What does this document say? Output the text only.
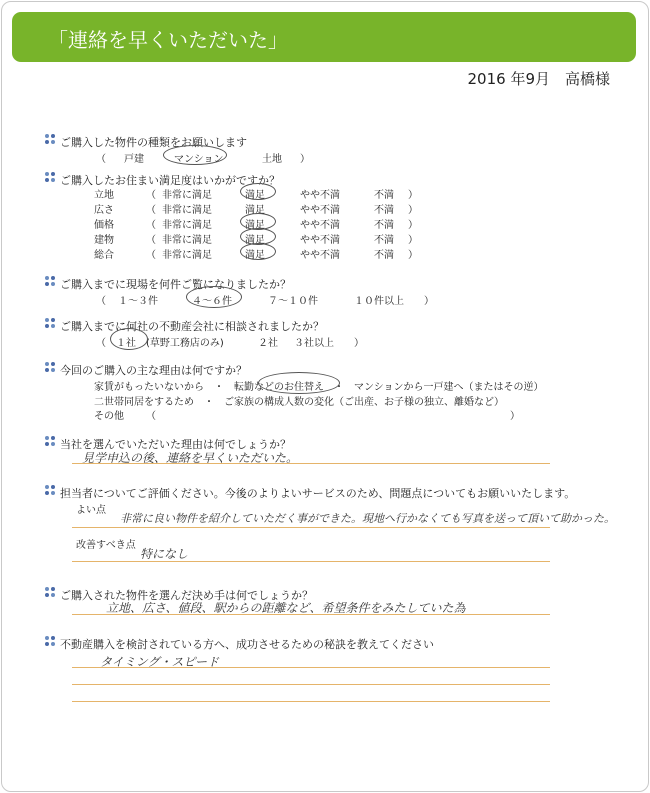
「連絡を早くいただいた」
2016 年9月　高橋様
ご購入した物件の種類をお願いします
（ 戸建	マンション	土地 ）
ご購入したお住まい満足度はいかがですか？
立地	（ 非常に満足	満足	やや不満	不満 ）
広さ	（ 非常に満足	満足	やや不満	不満 ）
価格	（ 非常に満足	満足	やや不満	不満 ）
建物	（ 非常に満足	満足	やや不満	不満 ）
総合	（ 非常に満足	満足	やや不満	不満 ）
ご購入までに現場を何件ご覧になりましたか？
（ １～３件	４～６件	７～１０件	１０件以上 ）
ご購入までに何社の不動産会社に相談されましたか？
（ １社 (草野工務店のみ)	２社 ３社以上 ）
今回のご購入の主な理由は何ですか？
家賃がもったいないから　・　転勤などのお住替え　・　マンションから一戸建へ（またはその逆）
二世帯同居をするため　・　ご家族の構成人数の変化（ご出産、お子様の独立、離婚など）
その他 （	）
当社を選んでいただいた理由は何でしょうか？
見学申込の後、連絡を早くいただいた。
担当者についてご評価ください。今後のよりよいサービスのため、問題点についてもお願いいたします。
よい点
非常に良い物件を紹介していただく事ができた。現地へ行かなくても写真を送って頂いて助かった。
改善すべき点
特になし
ご購入された物件を選んだ決め手は何でしょうか？
立地、広さ、値段、駅からの距離など、希望条件をみたしていた為
不動産購入を検討されている方へ、成功させるための秘訣を教えてください
タイミング・スピード
